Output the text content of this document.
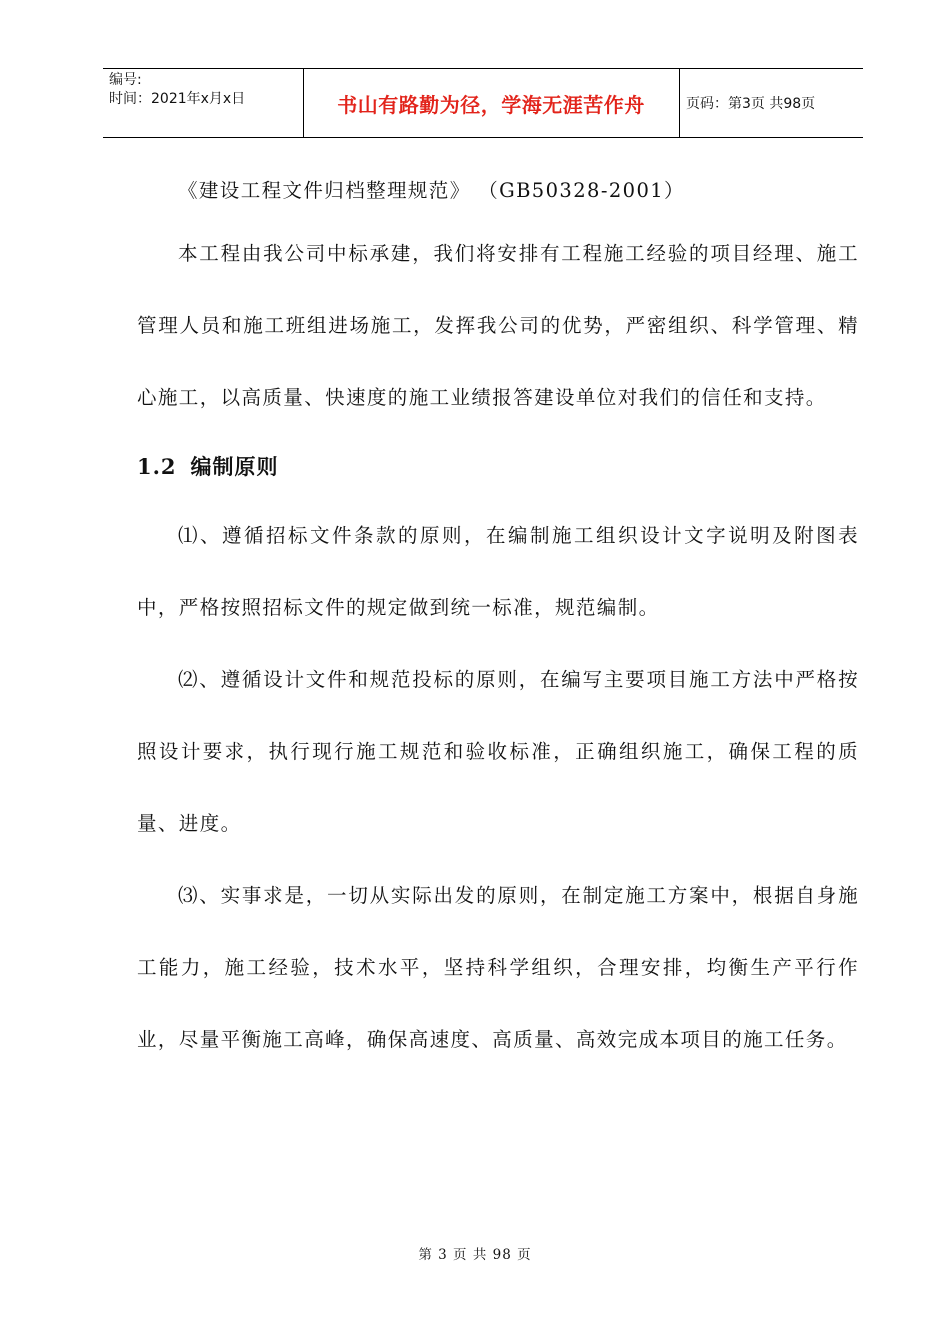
编号:
时间：2021年x月x日	书山有路勤为径，学海无涯苦作舟	页码：第3页 共98页

《建设工程文件归档整理规范》 （GB50328-2001）

本工程由我公司中标承建，我们将安排有工程施工经验的项目经理、施工管理人员和施工班组进场施工，发挥我公司的优势，严密组织、科学管理、精心施工，以高质量、快速度的施工业绩报答建设单位对我们的信任和支持。

1.2 编制原则

⑴、遵循招标文件条款的原则，在编制施工组织设计文字说明及附图表中，严格按照招标文件的规定做到统一标准，规范编制。

⑵、遵循设计文件和规范投标的原则，在编写主要项目施工方法中严格按照设计要求，执行现行施工规范和验收标准，正确组织施工，确保工程的质量、进度。

⑶、实事求是，一切从实际出发的原则，在制定施工方案中，根据自身施工能力，施工经验，技术水平，坚持科学组织，合理安排，均衡生产平行作业，尽量平衡施工高峰，确保高速度、高质量、高效完成本项目的施工任务。

第 3 页 共 98 页
